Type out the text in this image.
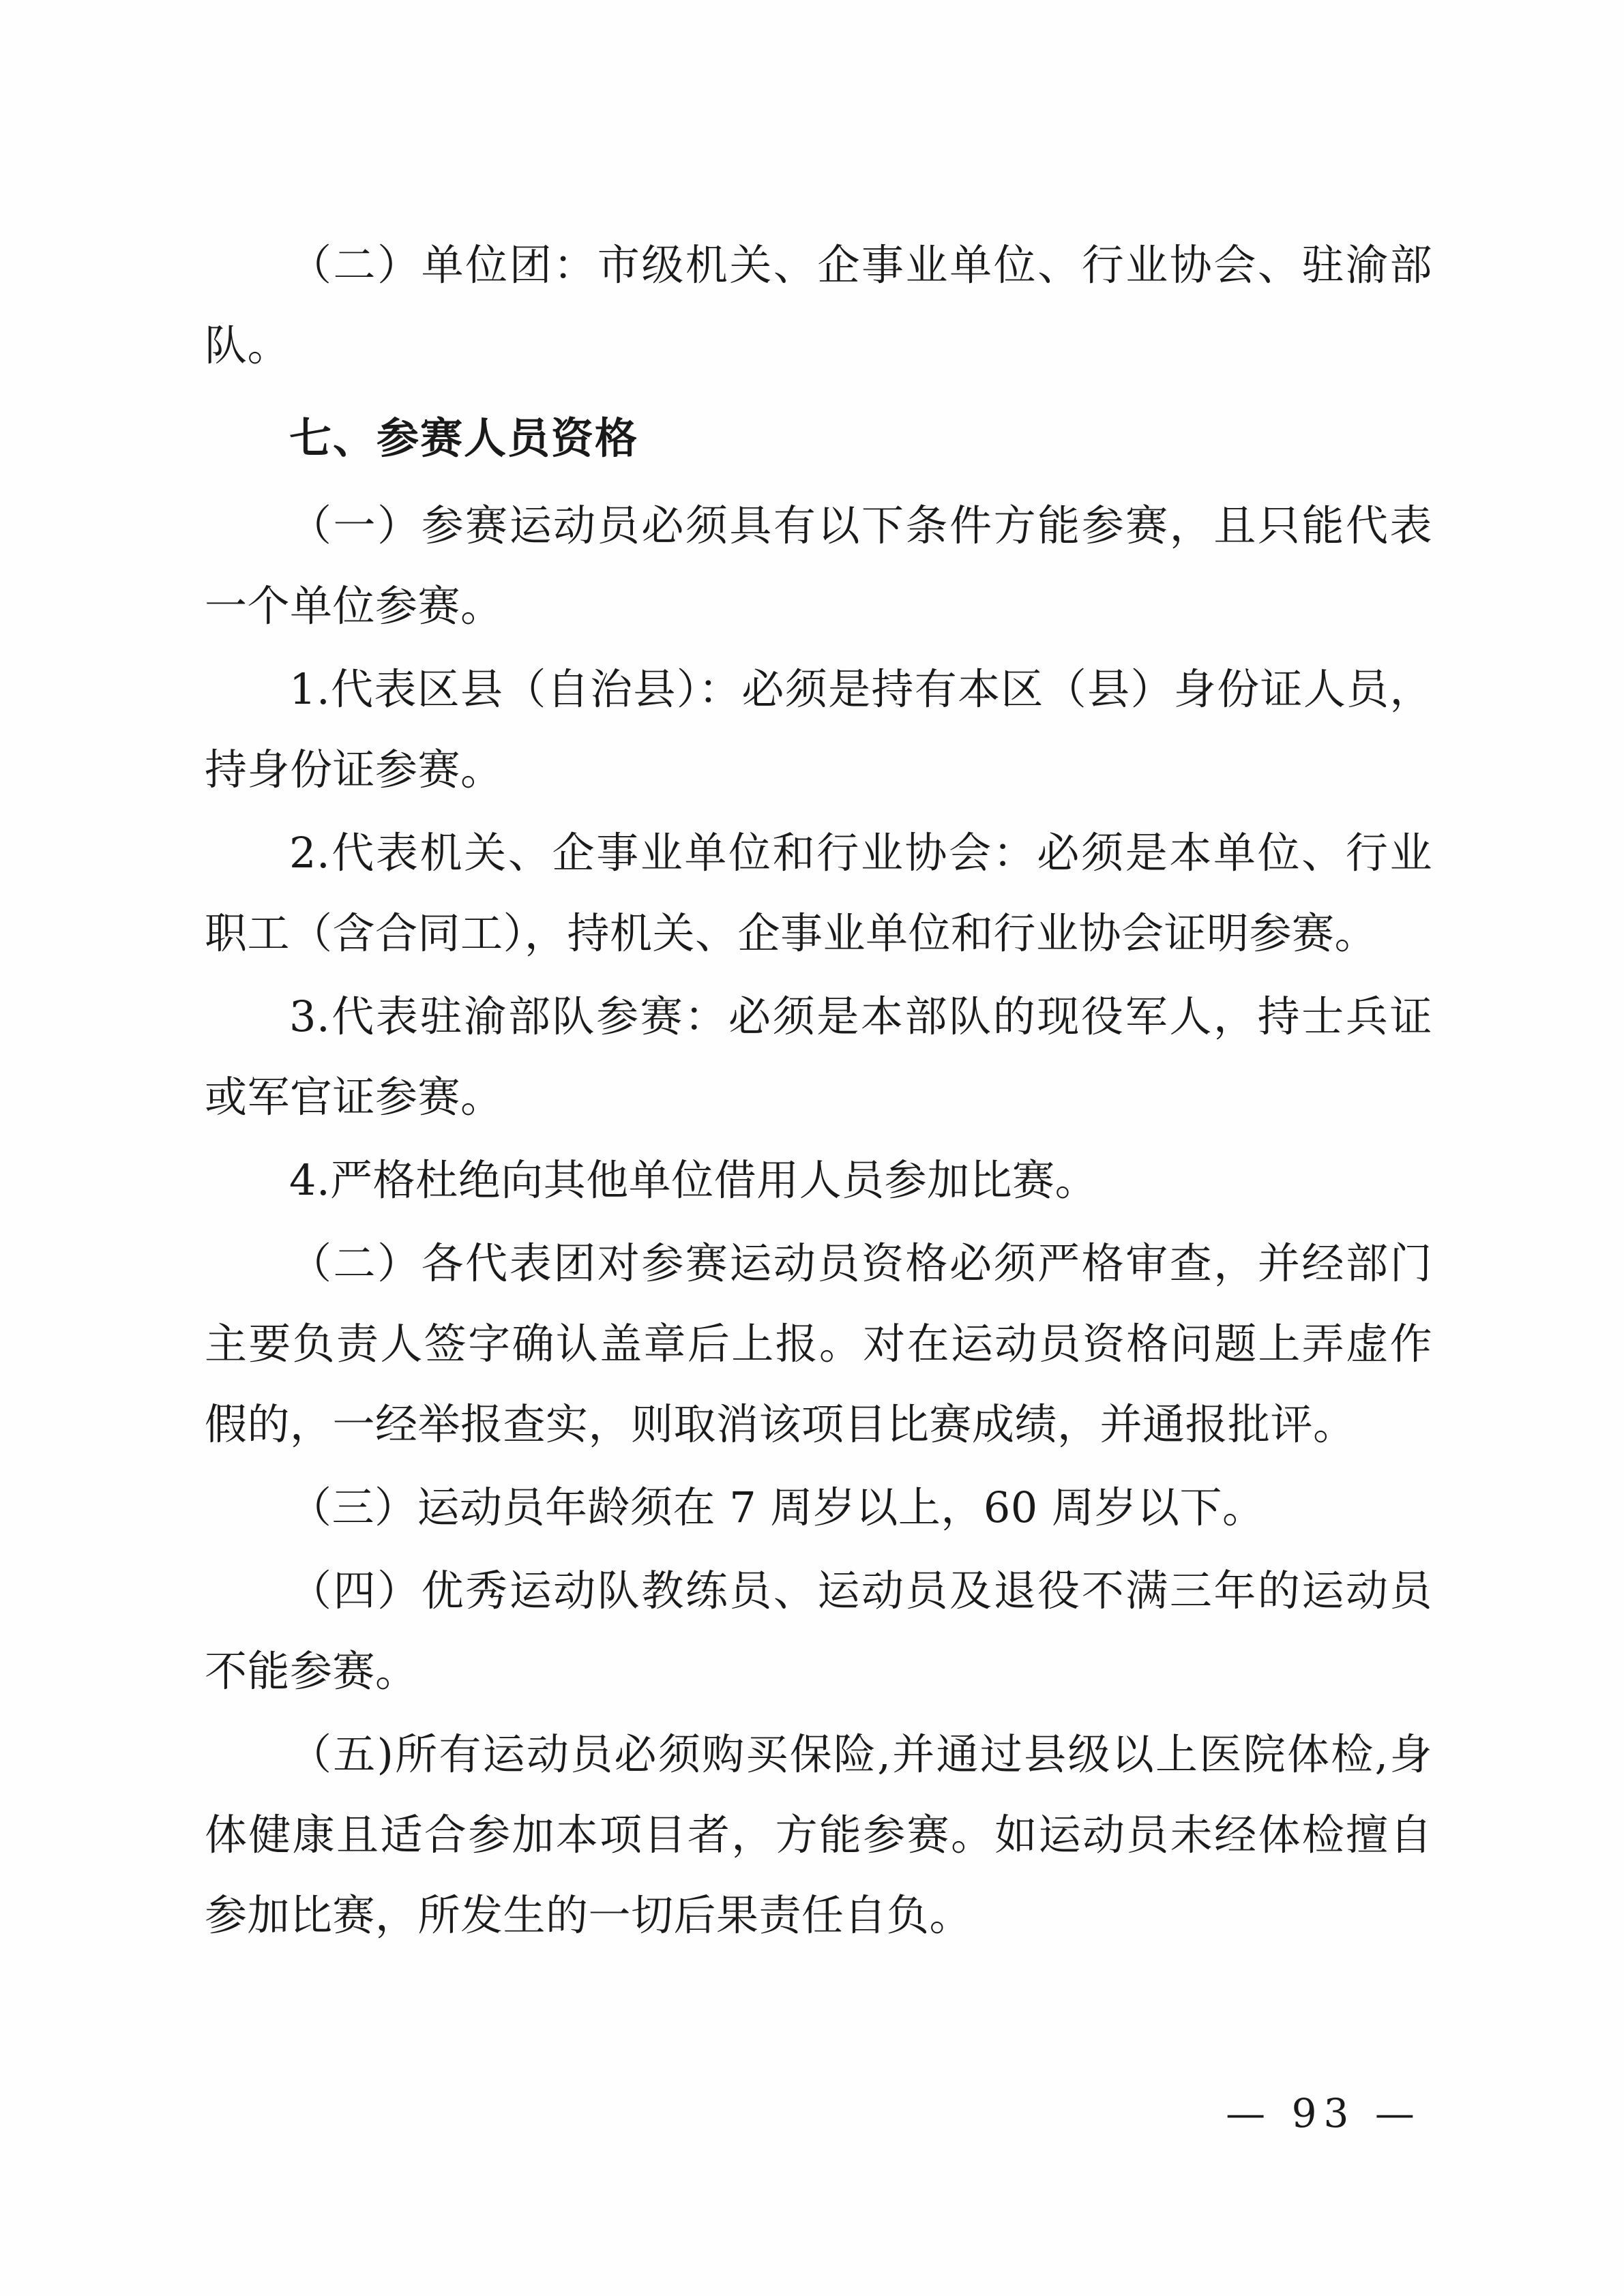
（二）单位团：市级机关、企事业单位、行业协会、驻渝部队。

七、参赛人员资格

（一）参赛运动员必须具有以下条件方能参赛，且只能代表一个单位参赛。

1.代表区县（自治县）：必须是持有本区（县）身份证人员，持身份证参赛。

2.代表机关、企事业单位和行业协会：必须是本单位、行业职工（含合同工），持机关、企事业单位和行业协会证明参赛。

3.代表驻渝部队参赛：必须是本部队的现役军人，持士兵证或军官证参赛。

4.严格杜绝向其他单位借用人员参加比赛。

（二）各代表团对参赛运动员资格必须严格审查，并经部门主要负责人签字确认盖章后上报。对在运动员资格问题上弄虚作假的，一经举报查实，则取消该项目比赛成绩，并通报批评。

（三）运动员年龄须在 7 周岁以上，60 周岁以下。

（四）优秀运动队教练员、运动员及退役不满三年的运动员不能参赛。

（五)所有运动员必须购买保险,并通过县级以上医院体检,身体健康且适合参加本项目者，方能参赛。如运动员未经体检擅自参加比赛，所发生的一切后果责任自负。

— 93 —
